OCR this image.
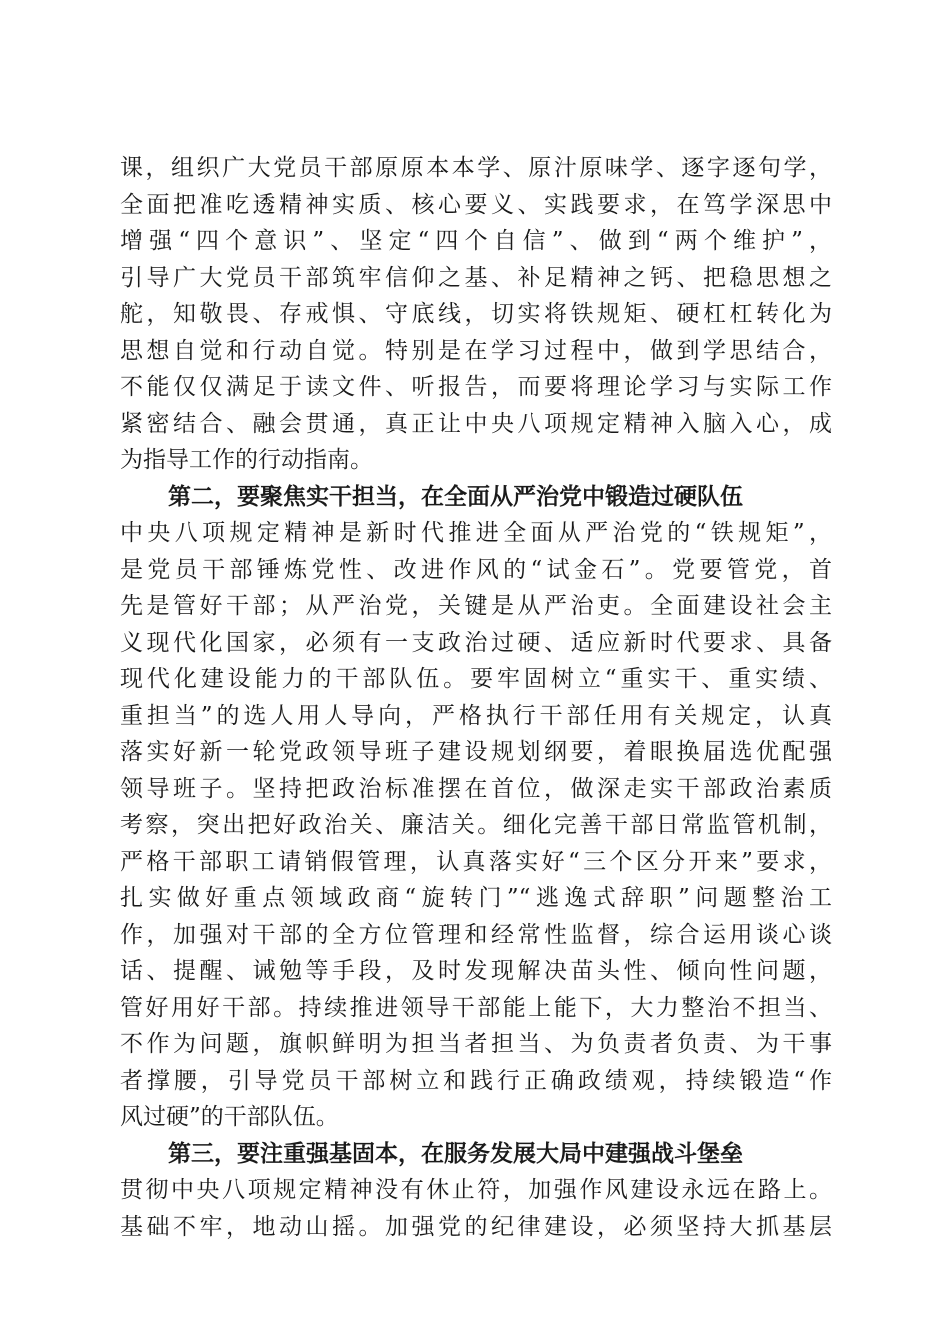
课，组织广大党员干部原原本本学、原汁原味学、逐字逐句学，
全面把准吃透精神实质、核心要义、实践要求，在笃学深思中
增强“四个意识”、坚定“四个自信”、做到“两个维护”，
引导广大党员干部筑牢信仰之基、补足精神之钙、把稳思想之
舵，知敬畏、存戒惧、守底线，切实将铁规矩、硬杠杠转化为
思想自觉和行动自觉。特别是在学习过程中，做到学思结合，
不能仅仅满足于读文件、听报告，而要将理论学习与实际工作
紧密结合、融会贯通，真正让中央八项规定精神入脑入心，成
为指导工作的行动指南。
第二，要聚焦实干担当，在全面从严治党中锻造过硬队伍
中央八项规定精神是新时代推进全面从严治党的“铁规矩”，
是党员干部锤炼党性、改进作风的“试金石”。党要管党，首
先是管好干部；从严治党，关键是从严治吏。全面建设社会主
义现代化国家，必须有一支政治过硬、适应新时代要求、具备
现代化建设能力的干部队伍。要牢固树立“重实干、重实绩、
重担当”的选人用人导向，严格执行干部任用有关规定，认真
落实好新一轮党政领导班子建设规划纲要，着眼换届选优配强
领导班子。坚持把政治标准摆在首位，做深走实干部政治素质
考察，突出把好政治关、廉洁关。细化完善干部日常监管机制，
严格干部职工请销假管理，认真落实好“三个区分开来”要求，
扎实做好重点领域政商“旋转门”“逃逸式辞职”问题整治工
作，加强对干部的全方位管理和经常性监督，综合运用谈心谈
话、提醒、诫勉等手段，及时发现解决苗头性、倾向性问题，
管好用好干部。持续推进领导干部能上能下，大力整治不担当、
不作为问题，旗帜鲜明为担当者担当、为负责者负责、为干事
者撑腰，引导党员干部树立和践行正确政绩观，持续锻造“作
风过硬”的干部队伍。
第三，要注重强基固本，在服务发展大局中建强战斗堡垒
贯彻中央八项规定精神没有休止符，加强作风建设永远在路上。
基础不牢，地动山摇。加强党的纪律建设，必须坚持大抓基层
